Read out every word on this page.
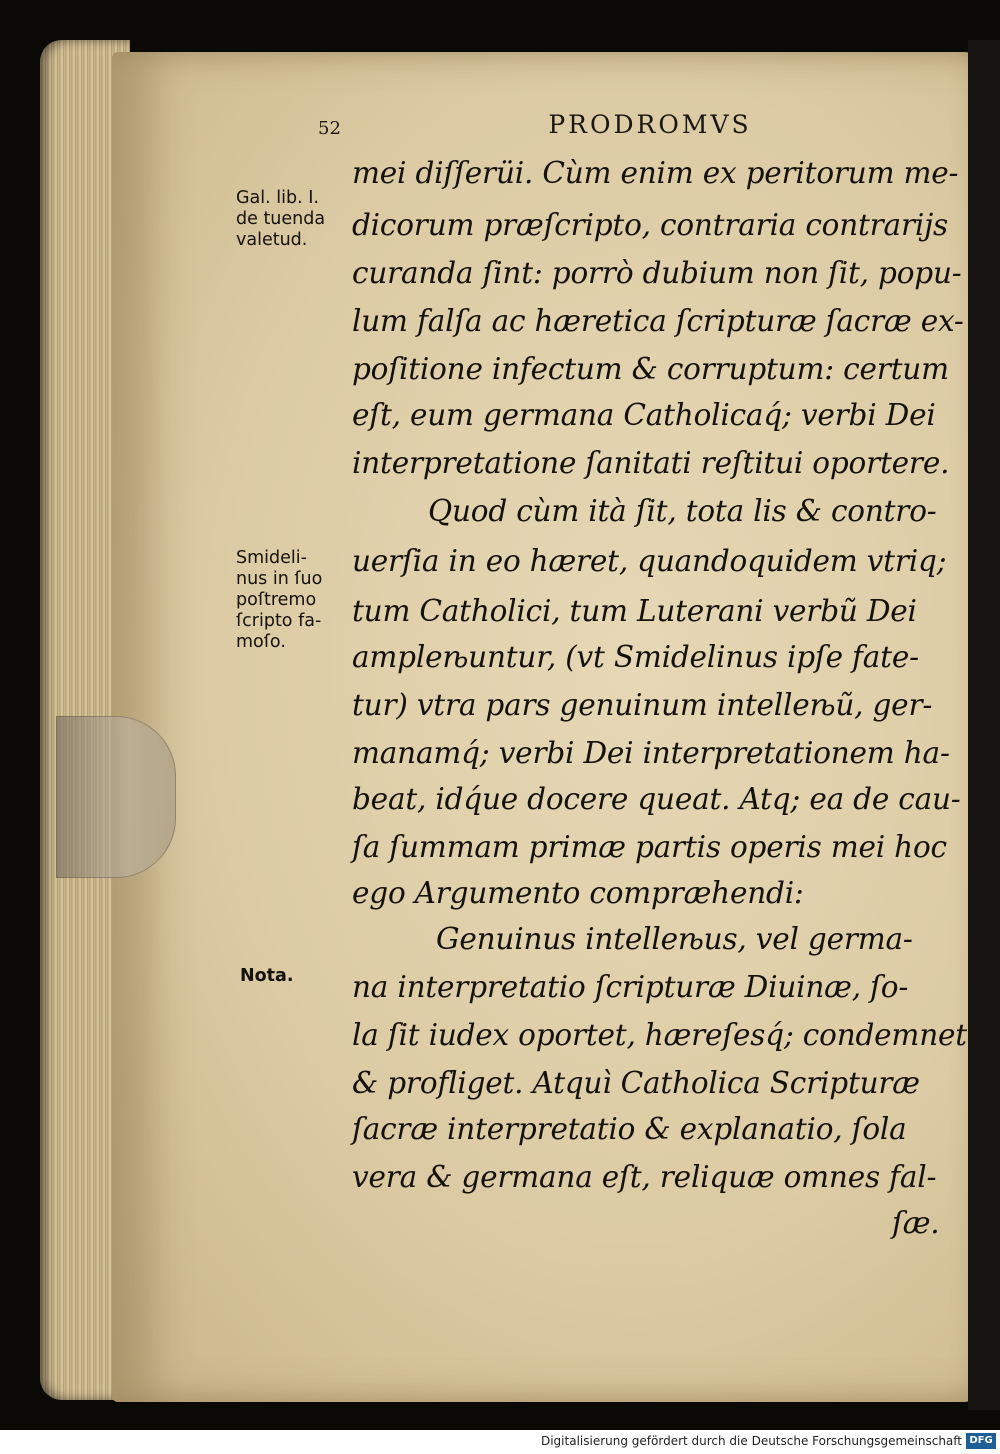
52	PRODROMVS
Gal. lib. I.
de tuenda
valetud.
Smideli-
nus in ſuo
poſtremo
ſcripto fa-
moſo.
Nota.
mei diſſerüi. Cùm enim ex peritorum me-
dicorum præſcripto, contraria contrarijs
curanda ſint: porrò dubium non ſit, popu-
lum falſa ac hæretica ſcripturæ ſacræ ex-
poſitione infectum & corruptum: certum
eſt, eum germana Catholicaq́; verbi Dei
interpretatione ſanitati reſtitui oportere.
Quod cùm ità ſit, tota lis & contro-
uerſia in eo hæret, quandoquidem vtriq;
tum Catholici, tum Luterani verbũ Dei
ampleѣuntur, (vt Smidelinus ipſe fate-
tur) vtra pars genuinum intelleѣũ, ger-
manamq́; verbi Dei interpretationem ha-
beat, idq́ue docere queat. Atq; ea de cau-
ſa ſummam primæ partis operis mei hoc
ego Argumento compræhendi:
Genuinus intelleѣus, vel germa-
na interpretatio ſcripturæ Diuinæ, ſo-
la ſit iudex oportet, hæreſesq́; condemnet
& profliget. Atquì Catholica Scripturæ
ſacræ interpretatio & explanatio, ſola
vera & germana eſt, reliquæ omnes fal-
ſæ.
Digitalisierung gefördert durch die Deutsche Forschungsgemeinschaft DFG
